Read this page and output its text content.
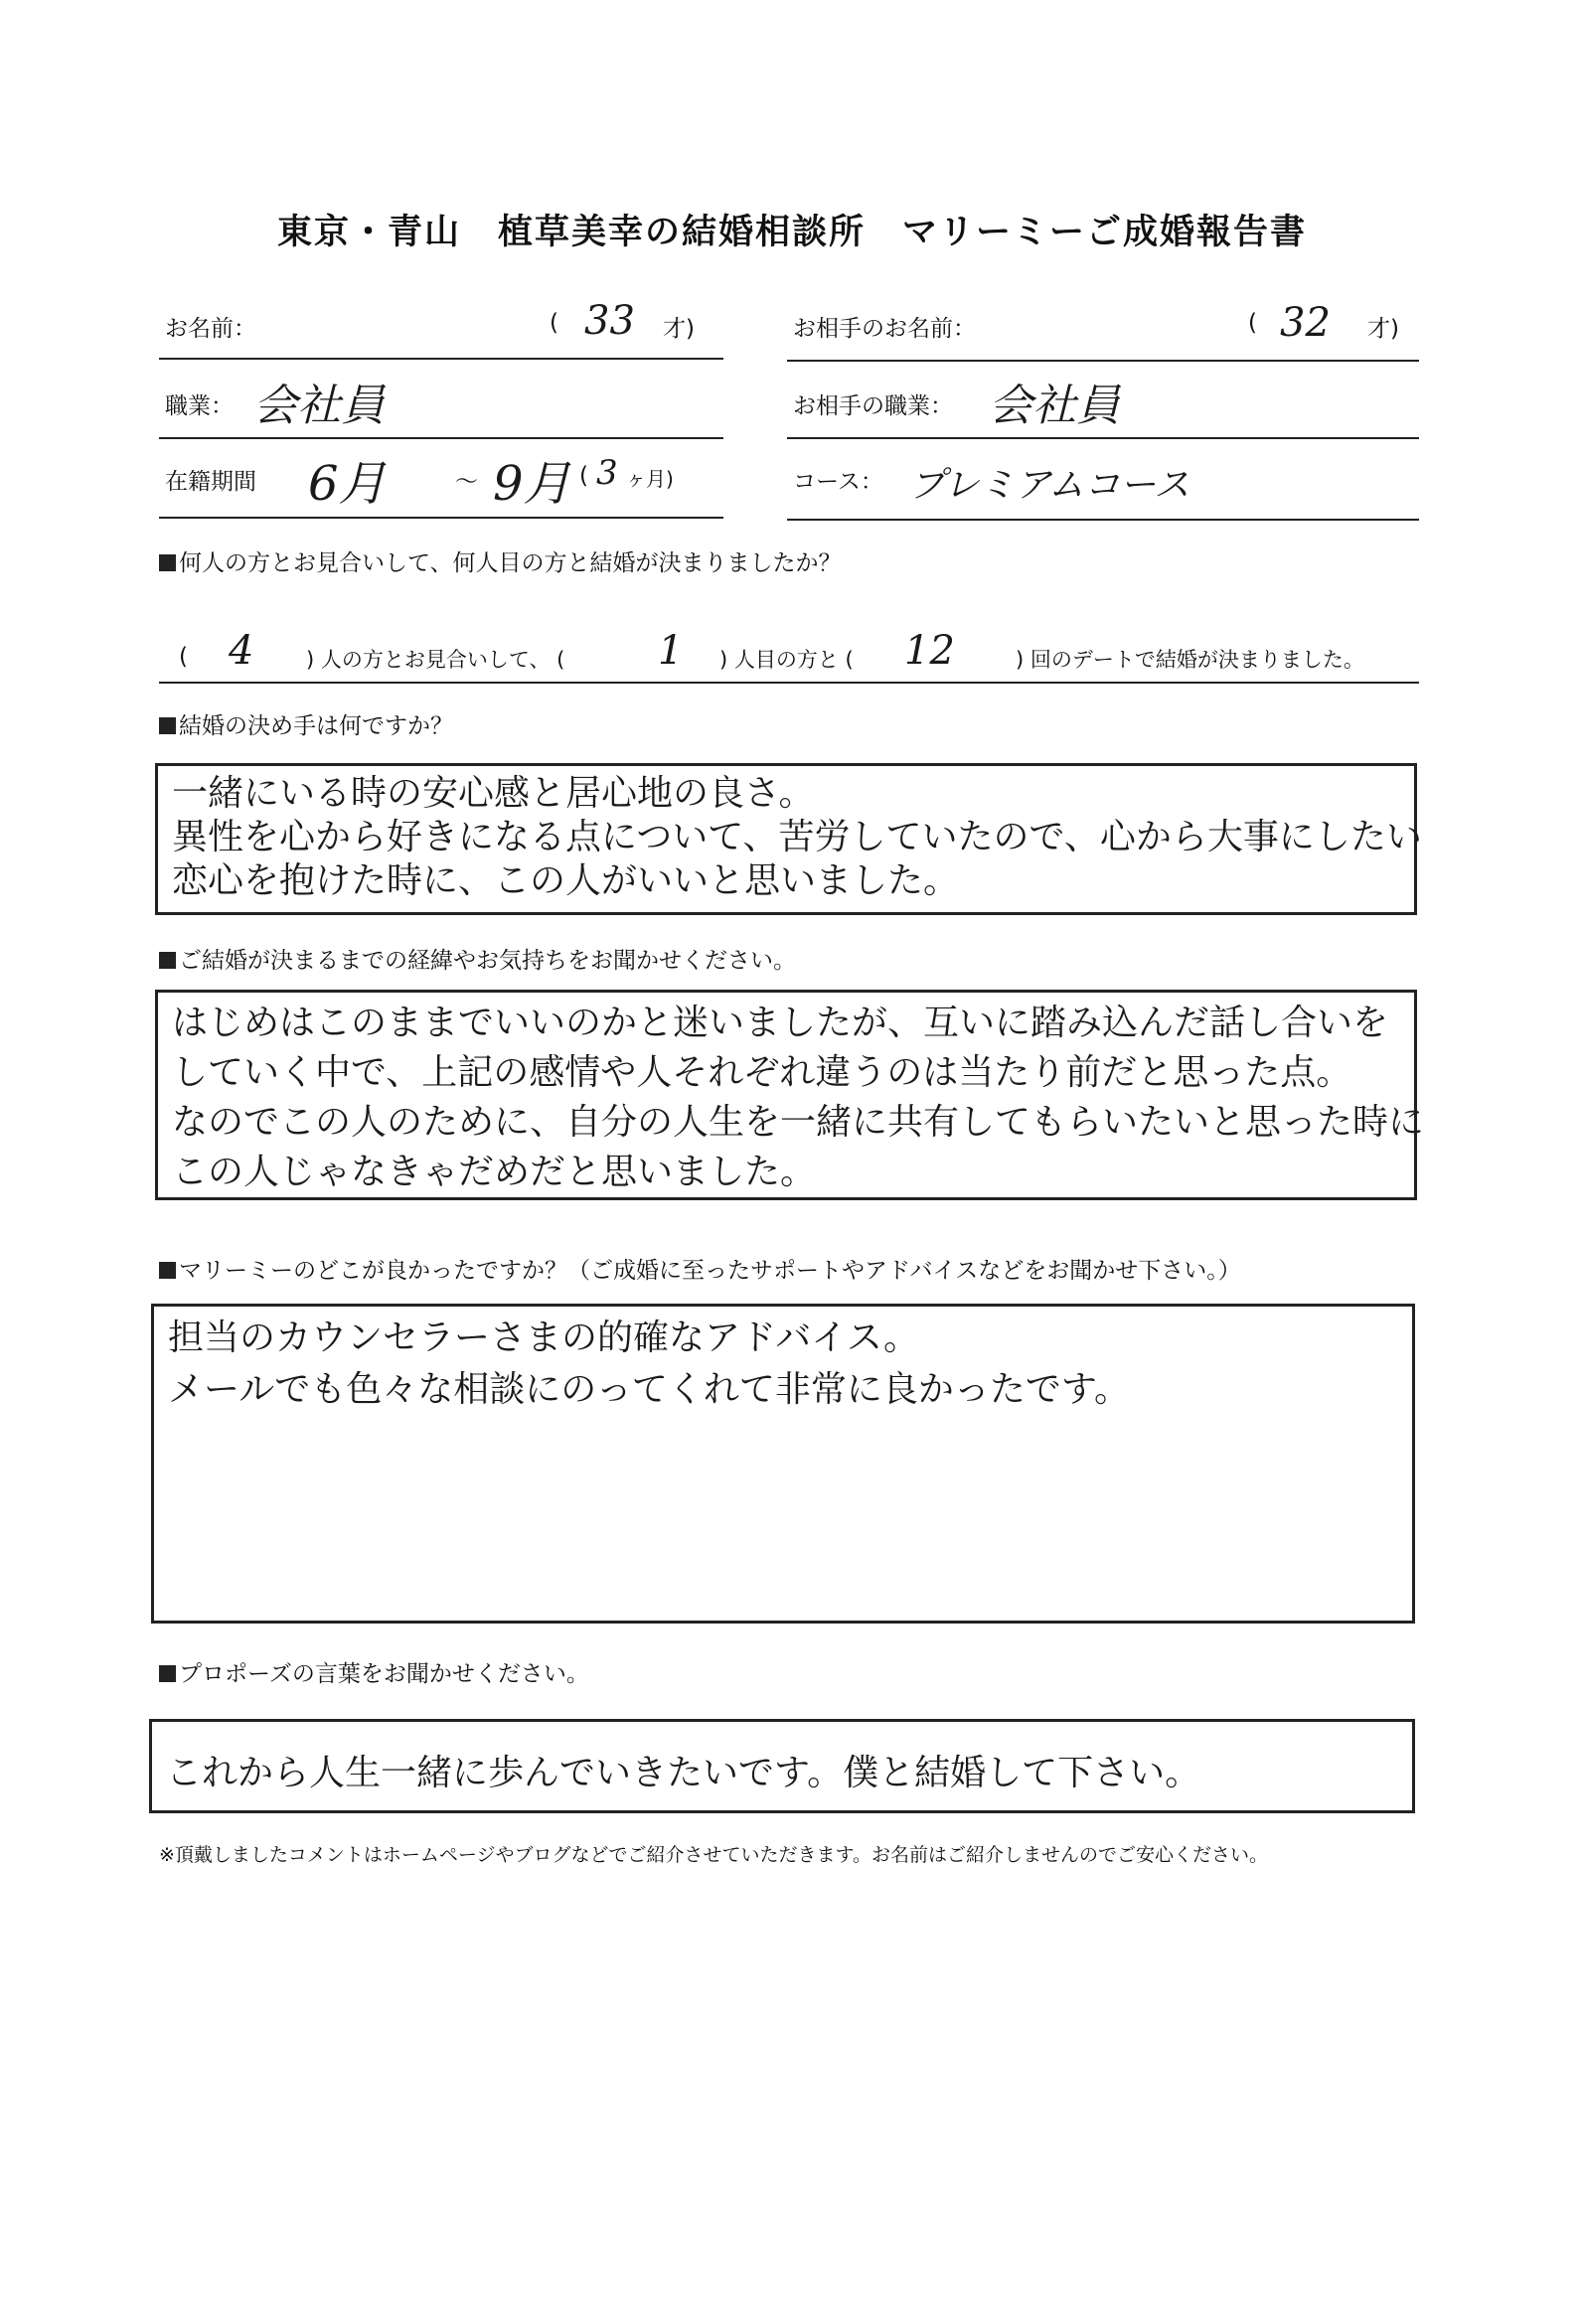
東京・青山　植草美幸の結婚相談所　マリーミーご成婚報告書
お名前：	( 33 才)	お相手のお名前：	( 32 才)
職業： 会社員	お相手の職業： 会社員
在籍期間 6月	～ 9月 ( 3 ヶ月)	コース： プレミアムコース
何人の方とお見合いして、何人目の方と結婚が決まりましたか？
( 4	) 人の方とお見合いして、 ( 1 ) 人目の方と ( 12	) 回のデートで結婚が決まりました。
結婚の決め手は何ですか？
一緒にいる時の安心感と居心地の良さ。
異性を心から好きになる点について、苦労していたので、心から大事にしたい
恋心を抱けた時に、この人がいいと思いました。
ご結婚が決まるまでの経緯やお気持ちをお聞かせください。
はじめはこのままでいいのかと迷いましたが、互いに踏み込んだ話し合いを
していく中で、上記の感情や人それぞれ違うのは当たり前だと思った点。
なのでこの人のために、自分の人生を一緒に共有してもらいたいと思った時に
この人じゃなきゃだめだと思いました。
マリーミーのどこが良かったですか？（ご成婚に至ったサポートやアドバイスなどをお聞かせ下さい。）
担当のカウンセラーさまの的確なアドバイス。
メールでも色々な相談にのってくれて非常に良かったです。
プロポーズの言葉をお聞かせください。
これから人生一緒に歩んでいきたいです。僕と結婚して下さい。
※頂戴しましたコメントはホームページやブログなどでご紹介させていただきます。お名前はご紹介しませんのでご安心ください。
